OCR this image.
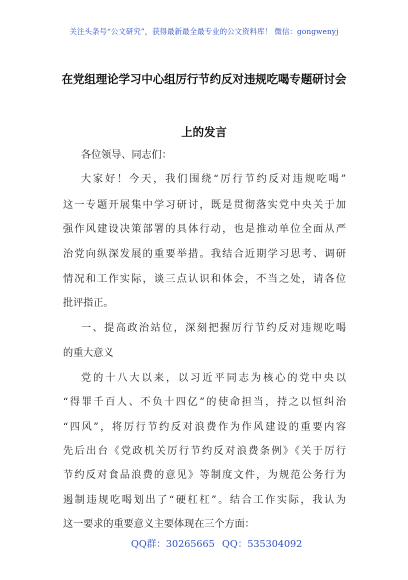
关注头条号“公文研究”，获得最新最全最专业的公文资料库！ 微信：gongwenyj
在党组理论学习中心组厉行节约反对违规吃喝专题研讨会
上的发言
各位领导、同志们：
大家好！今天，我们围绕“厉行节约反对违规吃喝”
这一专题开展集中学习研讨，既是贯彻落实党中央关于加
强作风建设决策部署的具体行动，也是推动单位全面从严
治党向纵深发展的重要举措。我结合近期学习思考、调研
情况和工作实际，谈三点认识和体会，不当之处，请各位
批评指正。
一、提高政治站位，深刻把握厉行节约反对违规吃喝
的重大意义
党的十八大以来，以习近平同志为核心的党中央以
“得罪千百人、不负十四亿”的使命担当，持之以恒纠治
“四风”，将厉行节约反对浪费作为作风建设的重要内容
先后出台《党政机关厉行节约反对浪费条例》《关于厉行
节约反对食品浪费的意见》等制度文件，为规范公务行为
遏制违规吃喝划出了“硬杠杠”。结合工作实际，我认为
这一要求的重要意义主要体现在三个方面：
QQ群：30265665 QQ：535304092
